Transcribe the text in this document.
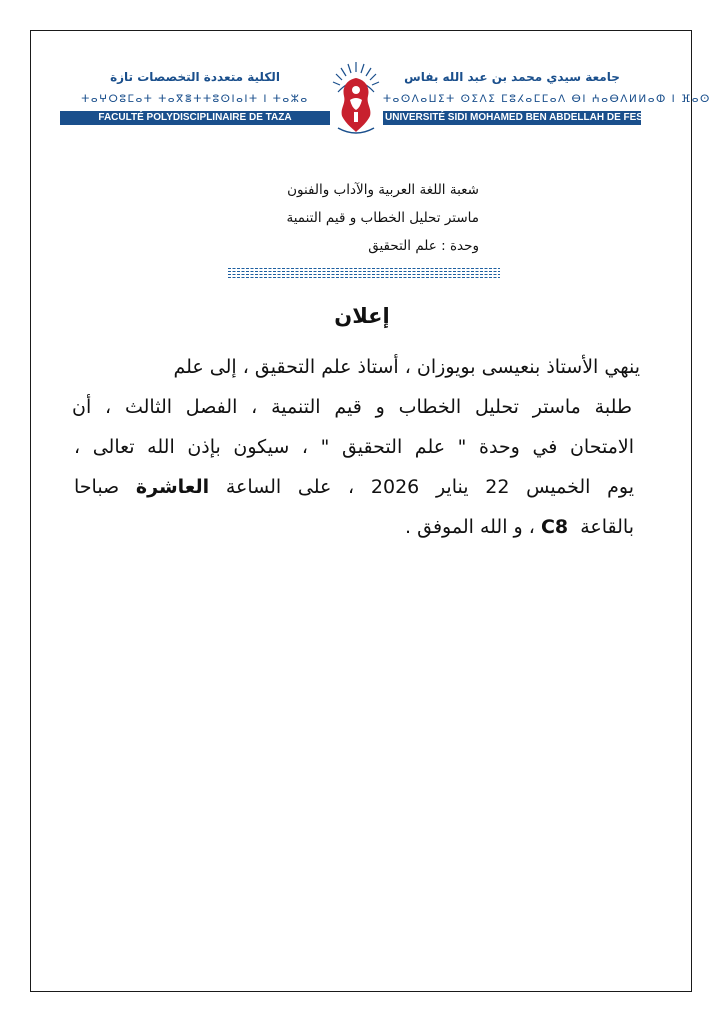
الكلية متعددة التخصصات تازة
ⵜⴰⵖⵔⵓⵎⴰⵜ ⵜⴰⴳⴻⵜⵜⵓⵙⵏⴰⵏⵜ ⵏ ⵜⴰⵣⴰ
FACULTÉ POLYDISCIPLINAIRE DE TAZA
جامعة سيدي محمد بن عبد الله بفاس
ⵜⴰⵙⴷⴰⵡⵉⵜ ⵙⵉⴷⵉ ⵎⵓⵃⴰⵎⵎⴰⴷ ⴱⵏ ⵄⴰⴱⴷⵍⵍⴰⵀ ⵏ ⴼⴰⵙ
UNIVERSITÉ SIDI MOHAMED BEN ABDELLAH DE FES
شعبة اللغة العربية والآداب والفنون
ماستر تحليل الخطاب و قيم التنمية
وحدة : علم التحقيق
إعلان
ينهي الأستاذ بنعيسى بويوزان ، أستاذ علم التحقيق ، إلى علم
طلبة ماستر تحليل الخطاب و قيم التنمية ، الفصل الثالث ، أن
الامتحان في وحدة " علم التحقيق " ، سيكون بإذن الله تعالى ،
يوم الخميس 22 يناير 2026 ، على الساعة العاشرة صباحا
بالقاعة  C8 ، و الله الموفق .
